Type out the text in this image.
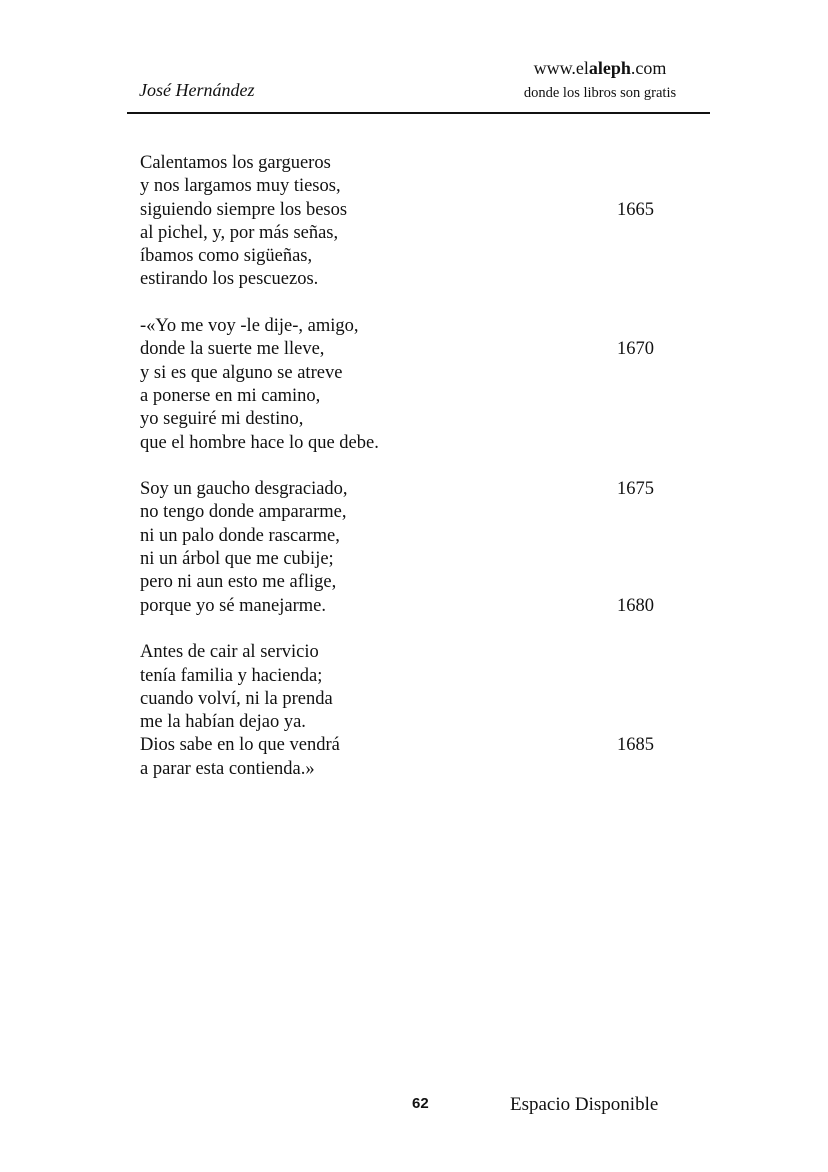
José Hernández
www.elaleph.com
donde los libros son gratis
Calentamos los gargueros
y nos largamos muy tiesos,
siguiendo siempre los besos	1665
al pichel, y, por más señas,
íbamos como sigüeñas,
estirando los pescuezos.
-«Yo me voy -le dije-, amigo,
donde la suerte me lleve,	1670
y si es que alguno se atreve
a ponerse en mi camino,
yo seguiré mi destino,
que el hombre hace lo que debe.
Soy un gaucho desgraciado,	1675
no tengo donde ampararme,
ni un palo donde rascarme,
ni un árbol que me cubije;
pero ni aun esto me aflige,
porque yo sé manejarme.	1680
Antes de cair al servicio
tenía familia y hacienda;
cuando volví, ni la prenda
me la habían dejao ya.
Dios sabe en lo que vendrá	1685
a parar esta contienda.»
62	Espacio Disponible
